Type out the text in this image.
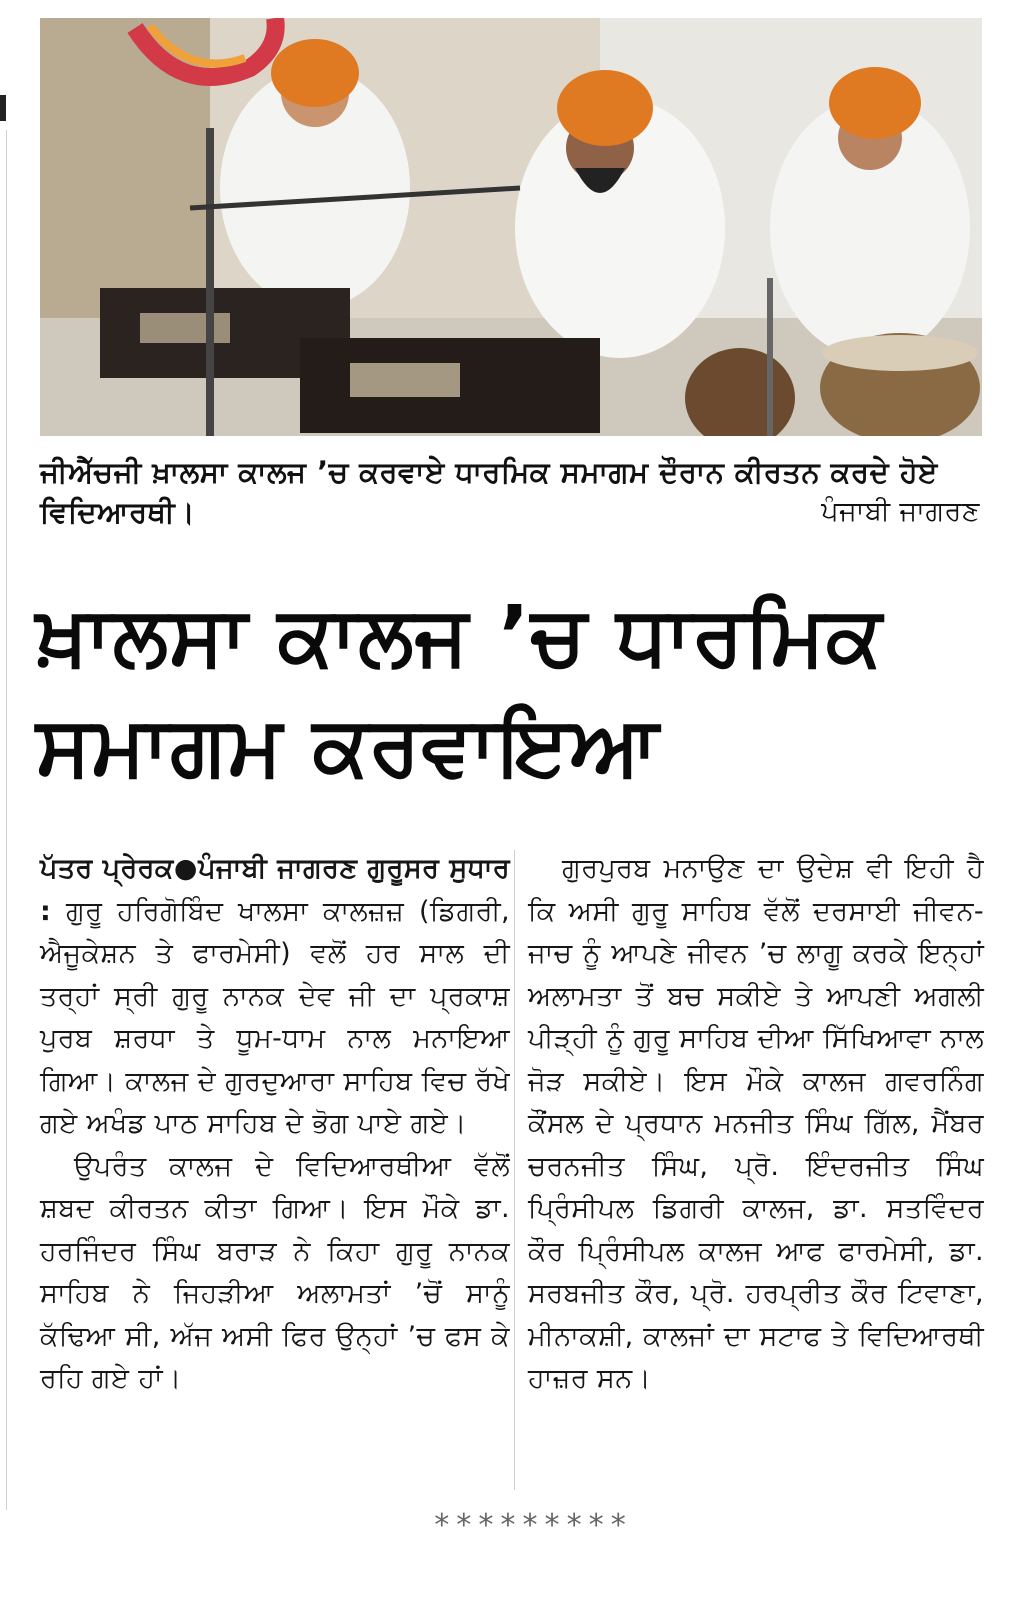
ਜੀਐੱਚਜੀ ਖ਼ਾਲਸਾ ਕਾਲਜ ’ਚ ਕਰਵਾਏ ਧਾਰਮਿਕ ਸਮਾਗਮ ਦੌਰਾਨ ਕੀਰਤਨ ਕਰਦੇ ਹੋਏ ਵਿਦਿਆਰਥੀ।	ਪੰਜਾਬੀ ਜਾਗਰਣ
ਖ਼ਾਲਸਾ ਕਾਲਜ ’ਚ ਧਾਰਮਿਕ
ਸਮਾਗਮ ਕਰਵਾਇਆ

ਪੱਤਰ ਪ੍ਰੇਰਕ●ਪੰਜਾਬੀ ਜਾਗਰਣ ਗੁਰੂਸਰ ਸੁਧਾਰ : ਗੁਰੂ ਹਰਿਗੋਬਿੰਦ ਖਾਲਸਾ ਕਾਲਜ਼ਜ਼ (ਡਿਗਰੀ, ਐਜੂਕੇਸ਼ਨ ਤੇ ਫਾਰਮੇਸੀ) ਵਲੋਂ ਹਰ ਸਾਲ ਦੀ ਤਰ੍ਹਾਂ ਸ੍ਰੀ ਗੁਰੂ ਨਾਨਕ ਦੇਵ ਜੀ ਦਾ ਪ੍ਰਕਾਸ਼ ਪੁਰਬ ਸ਼ਰਧਾ ਤੇ ਧੂਮ-ਧਾਮ ਨਾਲ ਮਨਾਇਆ ਗਿਆ। ਕਾਲਜ ਦੇ ਗੁਰਦੁਆਰਾ ਸਾਹਿਬ ਵਿਚ ਰੱਖੇ ਗਏ ਅਖੰਡ ਪਾਠ ਸਾਹਿਬ ਦੇ ਭੋਗ ਪਾਏ ਗਏ।

ਉਪਰੰਤ ਕਾਲਜ ਦੇ ਵਿਦਿਆਰਥੀਆ ਵੱਲੋਂ ਸ਼ਬਦ ਕੀਰਤਨ ਕੀਤਾ ਗਿਆ। ਇਸ ਮੌਕੇ ਡਾ. ਹਰਜਿੰਦਰ ਸਿੰਘ ਬਰਾੜ ਨੇ ਕਿਹਾ ਗੁਰੂ ਨਾਨਕ ਸਾਹਿਬ ਨੇ ਜਿਹੜੀਆ ਅਲਾਮਤਾਂ ’ਚੋਂ ਸਾਨੂੰ ਕੱਢਿਆ ਸੀ, ਅੱਜ ਅਸੀ ਫਿਰ ਉਨ੍ਹਾਂ ’ਚ ਫਸ ਕੇ ਰਹਿ ਗਏ ਹਾਂ।

ਗੁਰਪੁਰਬ ਮਨਾਉਣ ਦਾ ਉਦੇਸ਼ ਵੀ ਇਹੀ ਹੈ ਕਿ ਅਸੀ ਗੁਰੂ ਸਾਹਿਬ ਵੱਲੋਂ ਦਰਸਾਈ ਜੀਵਨ-ਜਾਚ ਨੂੰ ਆਪਣੇ ਜੀਵਨ ’ਚ ਲਾਗੂ ਕਰਕੇ ਇਨ੍ਹਾਂ ਅਲਾਮਤਾ ਤੋਂ ਬਚ ਸਕੀਏ ਤੇ ਆਪਣੀ ਅਗਲੀ ਪੀੜ੍ਹੀ ਨੂੰ ਗੁਰੂ ਸਾਹਿਬ ਦੀਆ ਸਿੱਖਿਆਵਾ ਨਾਲ ਜੋੜ ਸਕੀਏ। ਇਸ ਮੌਕੇ ਕਾਲਜ ਗਵਰਨਿੰਗ ਕੌਂਸਲ ਦੇ ਪ੍ਰਧਾਨ ਮਨਜੀਤ ਸਿੰਘ ਗਿੱਲ, ਮੈਂਬਰ ਚਰਨਜੀਤ ਸਿੰਘ, ਪ੍ਰੋ. ਇੰਦਰਜੀਤ ਸਿੰਘ ਪ੍ਰਿੰਸੀਪਲ ਡਿਗਰੀ ਕਾਲਜ, ਡਾ. ਸਤਵਿੰਦਰ ਕੌਰ ਪ੍ਰਿੰਸੀਪਲ ਕਾਲਜ ਆਫ ਫਾਰਮੇਸੀ, ਡਾ. ਸਰਬਜੀਤ ਕੌਰ, ਪ੍ਰੋ. ਹਰਪ੍ਰੀਤ ਕੌਰ ਟਿਵਾਣਾ, ਮੀਨਾਕਸ਼ੀ, ਕਾਲਜਾਂ ਦਾ ਸਟਾਫ ਤੇ ਵਿਦਿਆਰਥੀ ਹਾਜ਼ਰ ਸਨ।

*********
